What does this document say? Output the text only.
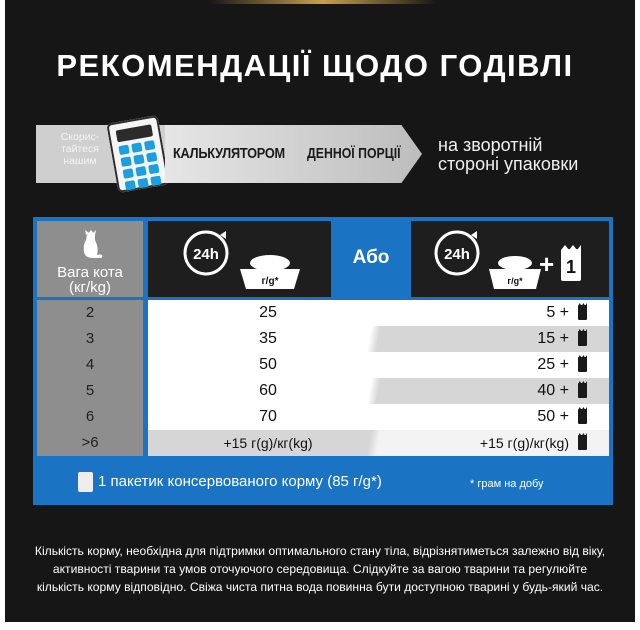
РЕКОМЕНДАЦІЇ ЩОДО ГОДІВЛІ
Скорис-
тайтеся
нашим	КАЛЬКУЛЯТОРОМ ДЕННОЇ ПОРЦІЇ на зворотній
стороні упаковки
Вага кота
(кг/kg)
24h
г/g*
Або	24h
г/g*
+ 1
2	25	5 +
3	35	15 +
4	50	25 +
5	60	40 +
6	70	50 +
>6	+15 г(g)/кг(kg)	+15 г(g)/кг(kg)
1 пакетик консервованого корму (85 г/g*)	* грам на добу
Кількість корму, необхідна для підтримки оптимального стану тіла, відрізнятиметься залежно від віку, активності тварини та умов оточуючого середовища. Слідкуйте за вагою тварини та регулюйте кількість корму відповідно. Свіжа чиста питна вода повинна бути доступною тварині у будь-який час.
